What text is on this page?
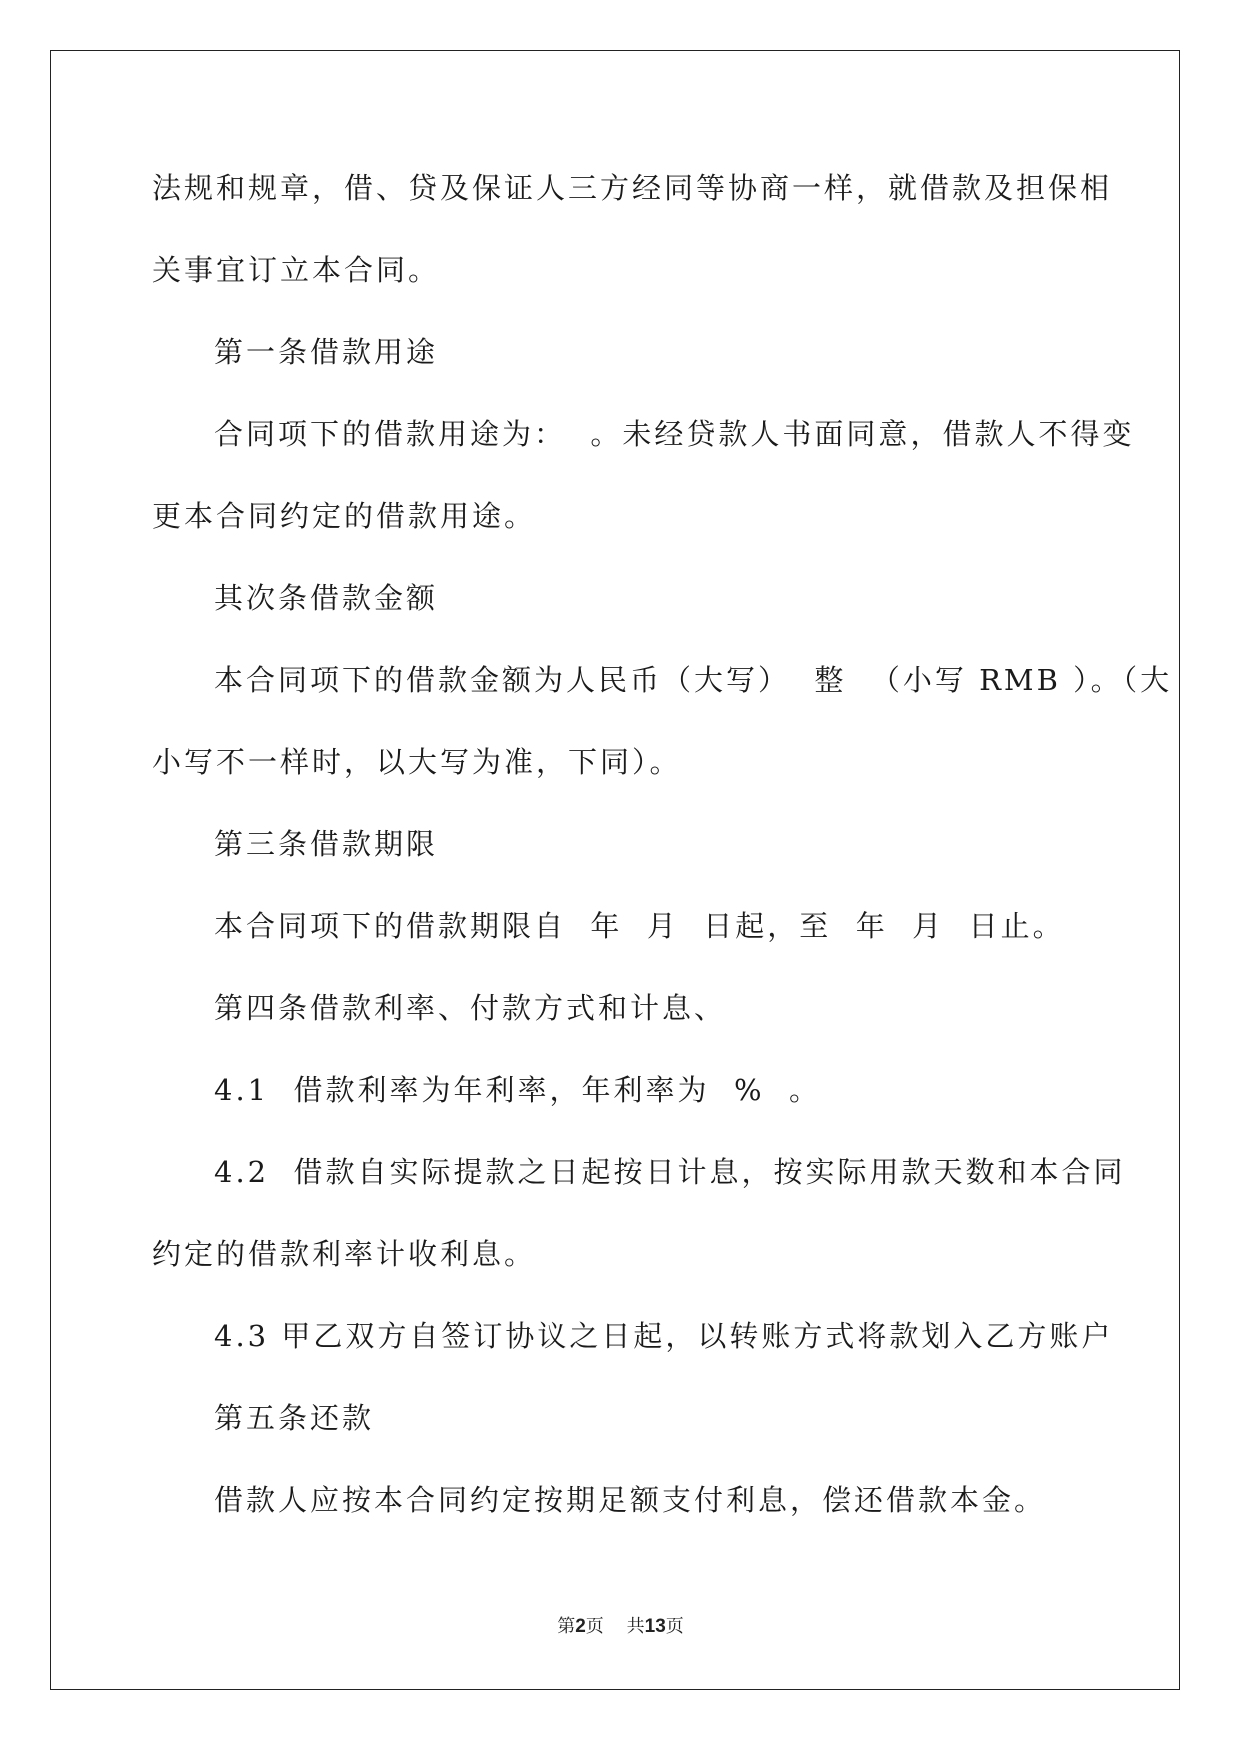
法规和规章，借、贷及保证人三方经同等协商一样，就借款及担保相
关事宜订立本合同。
第一条借款用途
合同项下的借款用途为：  。未经贷款人书面同意，借款人不得变
更本合同约定的借款用途。
其次条借款金额
本合同项下的借款金额为人民币（大写）  整  （小写 RMB ）。（大
小写不一样时，以大写为准，下同）。
第三条借款期限
本合同项下的借款期限自  年  月  日起，至  年  月  日止。
第四条借款利率、付款方式和计息、
4.1  借款利率为年利率，年利率为  %  。
4.2  借款自实际提款之日起按日计息，按实际用款天数和本合同
约定的借款利率计收利息。
4.3 甲乙双方自签订协议之日起，以转账方式将款划入乙方账户
第五条还款
借款人应按本合同约定按期足额支付利息，偿还借款本金。
第2页    共13页
